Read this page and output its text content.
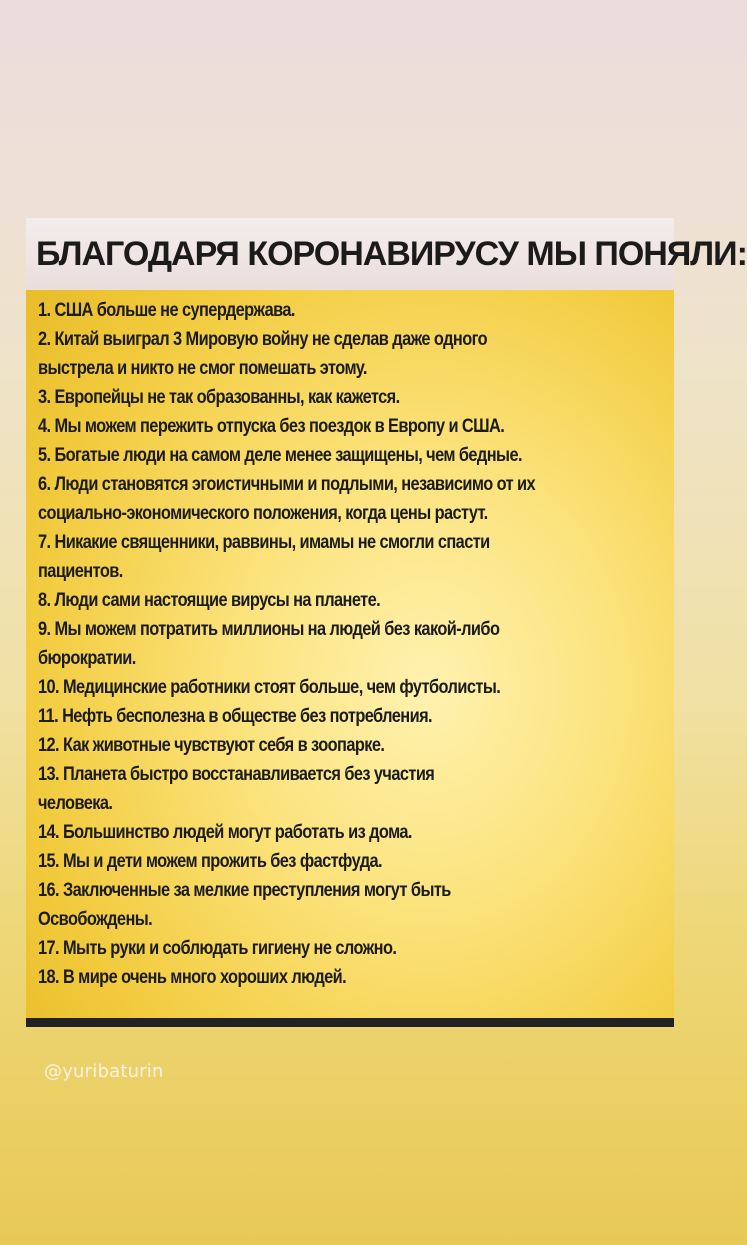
БЛАГОДАРЯ КОРОНАВИРУСУ МЫ ПОНЯЛИ:
1. США больше не супердержава.
2. Китай выиграл 3 Мировую войну не сделав даже одного
выстрела и никто не смог помешать этому.
3. Европейцы не так образованны, как кажется.
4. Мы можем пережить отпуска без поездок в Европу и США.
5. Богатые люди на самом деле менее защищены, чем бедные.
6. Люди становятся эгоистичными и подлыми, независимо от их
социально-экономического положения, когда цены растут.
7. Никакие священники, раввины, имамы не смогли спасти
пациентов.
8. Люди сами настоящие вирусы на планете.
9. Мы можем потратить миллионы на людей без какой-либо
бюрократии.
10. Медицинские работники стоят больше, чем футболисты.
11. Нефть бесполезна в обществе без потребления.
12. Как животные чувствуют себя в зоопарке.
13. Планета быстро восстанавливается без участия
человека.
14. Большинство людей могут работать из дома.
15. Мы и дети можем прожить без фастфуда.
16. Заключенные за мелкие преступления могут быть
Освобождены.
17. Мыть руки и соблюдать гигиену не сложно.
18. В мире очень много хороших людей.
@yuribaturin
